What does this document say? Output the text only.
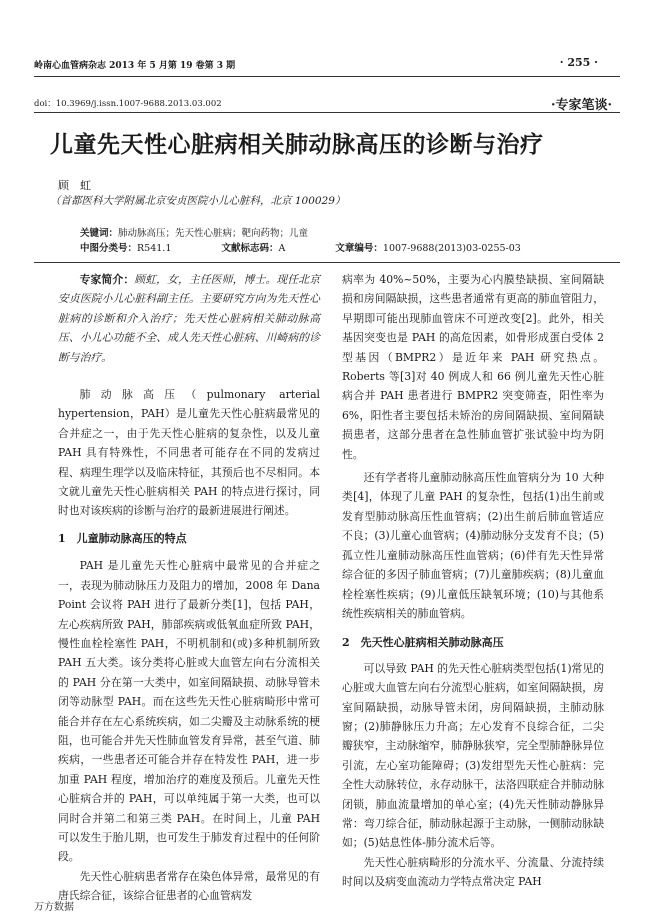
岭南心血管病杂志 2013 年 5 月第 19 卷第 3 期	· 255 ·
doi：10.3969/j.issn.1007-9688.2013.03.002	·专家笔谈·
儿童先天性心脏病相关肺动脉高压的诊断与治疗
顾　虹
（首都医科大学附属北京安贞医院小儿心脏科，北京 100029）
关键词：肺动脉高压；先天性心脏病；靶向药物；儿童
中图分类号：R541.1	文献标志码：A	文章编号：1007-9688(2013)03-0255-03

专家简介：顾虹，女，主任医师，博士。现任北京安贞医院小儿心脏科副主任。主要研究方向为先天性心脏病的诊断和介入治疗；先天性心脏病相关肺动脉高压、小儿心功能不全、成人先天性心脏病、川崎病的诊断与治疗。

肺动脉高压（pulmonary arterial hypertension，PAH）是儿童先天性心脏病最常见的合并症之一，由于先天性心脏病的复杂性，以及儿童 PAH 具有特殊性，不同患者可能存在不同的发病过程、病理生理学以及临床特征，其预后也不尽相同。本文就儿童先天性心脏病相关 PAH 的特点进行探讨，同时也对该疾病的诊断与治疗的最新进展进行阐述。

1　儿童肺动脉高压的特点

PAH 是儿童先天性心脏病中最常见的合并症之一，表现为肺动脉压力及阻力的增加，2008 年 Dana Point 会议将 PAH 进行了最新分类[1]，包括 PAH，左心疾病所致 PAH，肺部疾病或低氧血症所致 PAH，慢性血栓栓塞性 PAH，不明机制和(或)多种机制所致 PAH 五大类。该分类将心脏或大血管左向右分流相关的 PAH 分在第一大类中，如室间隔缺损、动脉导管未闭等动脉型 PAH。而在这些先天性心脏病畸形中常可能合并存在左心系统疾病，如二尖瓣及主动脉系统的梗阻，也可能合并先天性肺血管发育异常，甚至气道、肺疾病，一些患者还可能合并存在特发性 PAH，进一步加重 PAH 程度，增加治疗的难度及预后。儿童先天性心脏病合并的 PAH，可以单纯属于第一大类，也可以同时合并第二和第三类 PAH。在时间上，儿童 PAH 可以发生于胎儿期，也可发生于肺发育过程中的任何阶段。

先天性心脏病患者常存在染色体异常，最常见的有唐氏综合征，该综合征患者的心血管病发

病率为 40%~50%，主要为心内膜垫缺损、室间隔缺损和房间隔缺损，这些患者通常有更高的肺血管阻力，早期即可能出现肺血管床不可逆改变[2]。此外，相关基因突变也是 PAH 的高危因素，如骨形成蛋白受体 2 型基因（BMPR2）是近年来 PAH 研究热点。Roberts 等[3]对 40 例成人和 66 例儿童先天性心脏病合并 PAH 患者进行 BMPR2 突变筛查，阳性率为 6%，阳性者主要包括未矫治的房间隔缺损、室间隔缺损患者，这部分患者在急性肺血管扩张试验中均为阴性。

还有学者将儿童肺动脉高压性血管病分为 10 大种类[4]，体现了儿童 PAH 的复杂性，包括(1)出生前或发育型肺动脉高压性血管病；(2)出生前后肺血管适应不良；(3)儿童心血管病；(4)肺动脉分支发育不良；(5)孤立性儿童肺动脉高压性血管病；(6)伴有先天性异常综合征的多因子肺血管病；(7)儿童肺疾病；(8)儿童血栓栓塞性疾病；(9)儿童低压缺氧环境；(10)与其他系统性疾病相关的肺血管病。

2　先天性心脏病相关肺动脉高压

可以导致 PAH 的先天性心脏病类型包括(1)常见的心脏或大血管左向右分流型心脏病，如室间隔缺损，房室间隔缺损，动脉导管未闭，房间隔缺损，主肺动脉窗；(2)肺静脉压力升高；左心发育不良综合征，二尖瓣狭窄，主动脉缩窄，肺静脉狭窄，完全型肺静脉异位引流，左心室功能障碍；(3)发绀型先天性心脏病：完全性大动脉转位，永存动脉干，法洛四联症合并肺动脉闭锁，肺血流量增加的单心室；(4)先天性肺动静脉异常：弯刀综合征，肺动脉起源于主动脉，一侧肺动脉缺如；(5)姑息性体-肺分流术后等。

先天性心脏病畸形的分流水平、分流量、分流持续时间以及病变血流动力学特点常决定 PAH

万方数据
